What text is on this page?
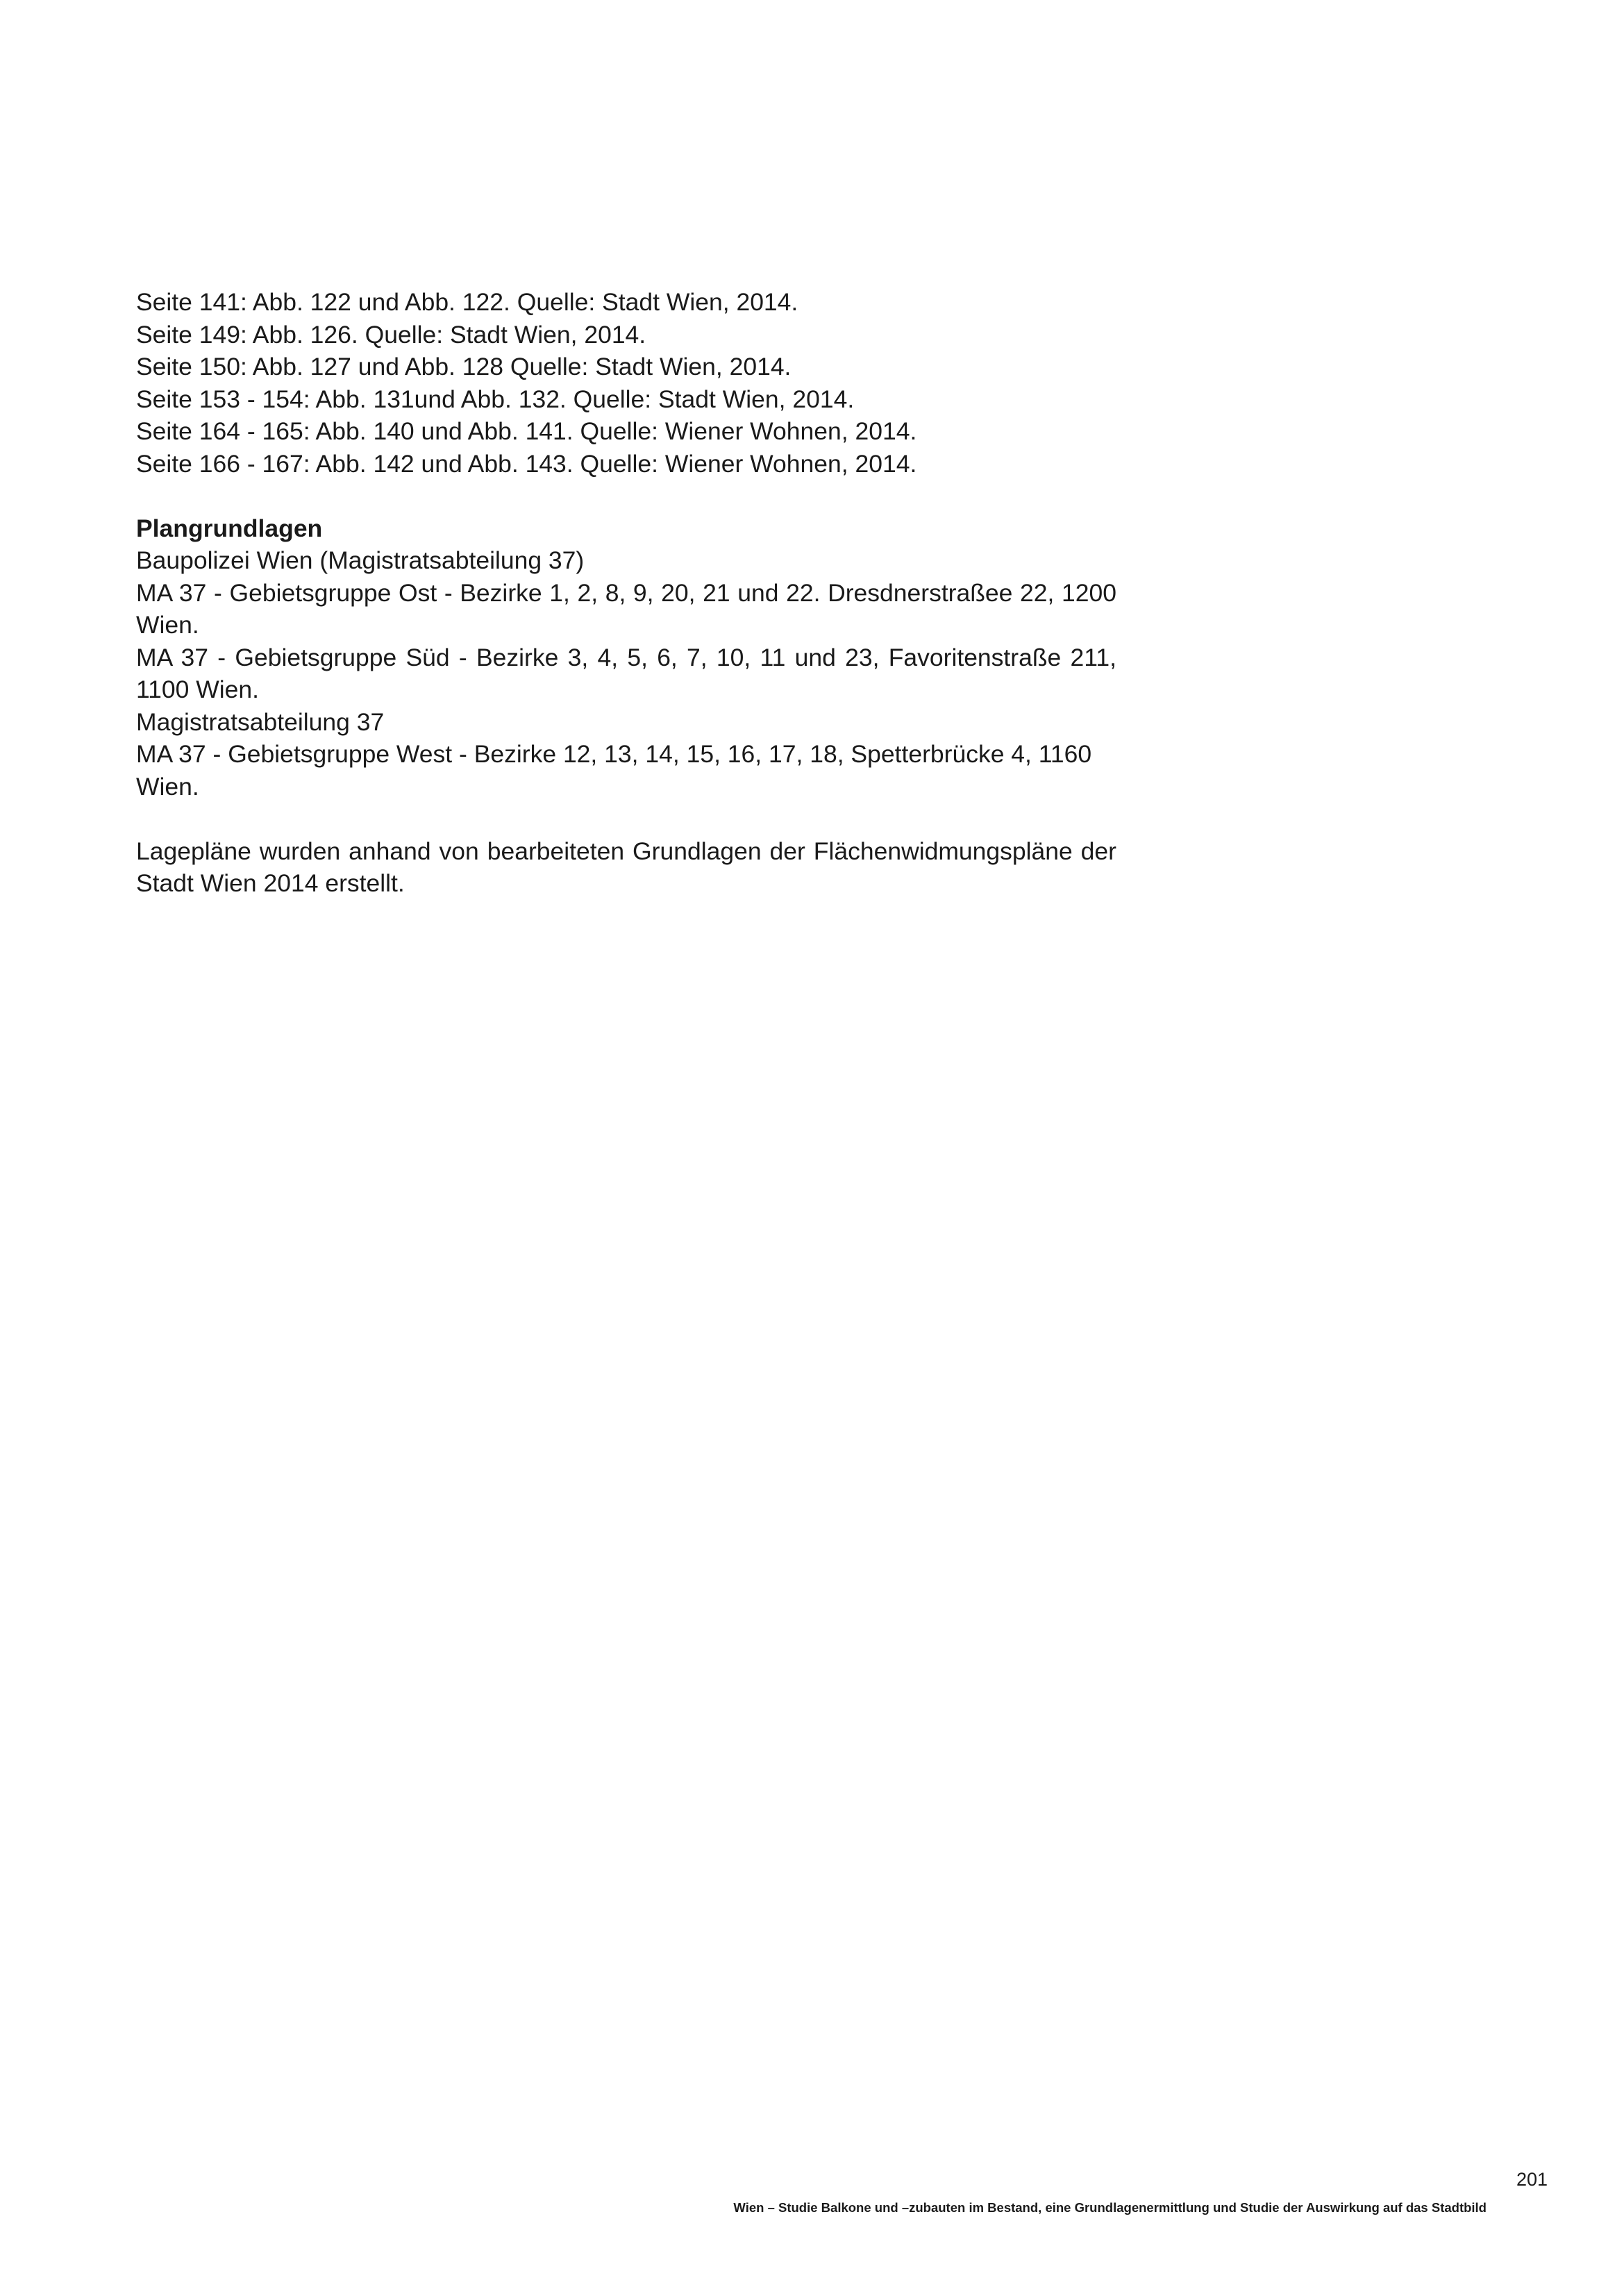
Seite 141: Abb. 122 und Abb. 122. Quelle: Stadt Wien, 2014.
Seite 149: Abb. 126. Quelle: Stadt Wien, 2014.
Seite 150: Abb. 127 und Abb. 128 Quelle: Stadt Wien, 2014.
Seite 153 - 154: Abb. 131und Abb. 132. Quelle: Stadt Wien, 2014.
Seite 164 - 165: Abb. 140 und Abb. 141. Quelle: Wiener Wohnen, 2014.
Seite 166 - 167: Abb. 142 und Abb. 143. Quelle: Wiener Wohnen, 2014.
Plangrundlagen
Baupolizei Wien (Magistratsabteilung 37)
MA 37 - Gebietsgruppe Ost - Bezirke 1, 2, 8, 9, 20, 21 und 22. Dresdnerstraßee 22, 1200 Wien.
MA 37 - Gebietsgruppe Süd - Bezirke 3, 4, 5, 6, 7, 10, 11 und 23, Favoritenstraße 211, 1100 Wien.
Magistratsabteilung 37
MA 37 - Gebietsgruppe West - Bezirke 12, 13, 14, 15, 16, 17, 18, Spetterbrücke 4, 1160 Wien.

Lagepläne wurden anhand von bearbeiteten Grundlagen der Flächenwidmungspläne der Stadt Wien 2014 erstellt.

201
Wien – Studie Balkone und –zubauten im Bestand, eine Grundlagenermittlung und Studie der Auswirkung auf das Stadtbild
